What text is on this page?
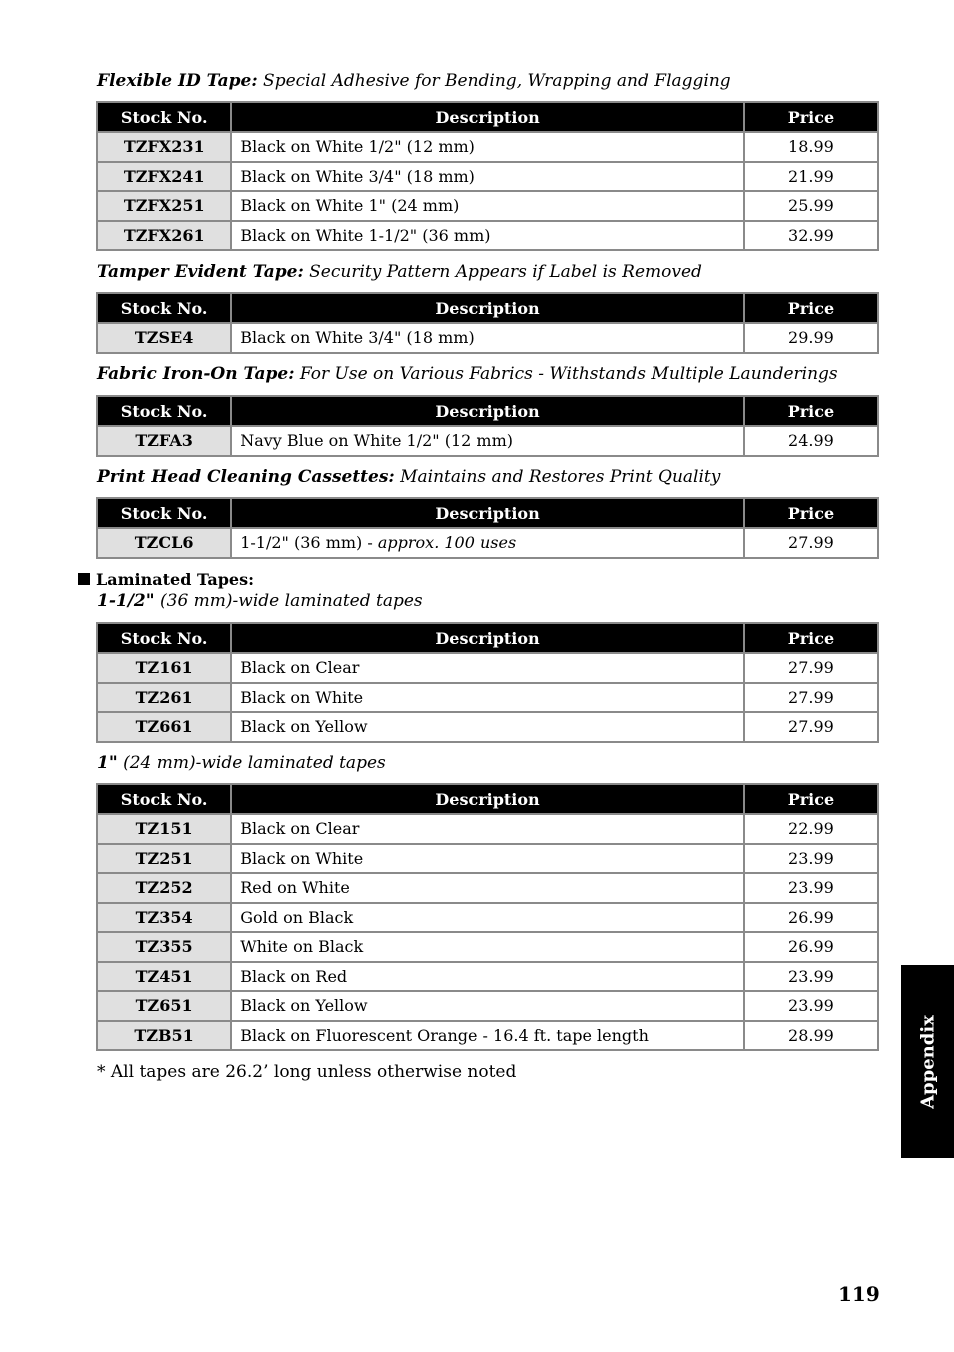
Flexible ID Tape: Special Adhesive for Bending, Wrapping and Flagging
Stock No.	Description	Price
TZFX231	Black on White 1/2" (12 mm)	18.99
TZFX241	Black on White 3/4" (18 mm)	21.99
TZFX251	Black on White 1" (24 mm)	25.99
TZFX261	Black on White 1-1/2" (36 mm)	32.99
Tamper Evident Tape: Security Pattern Appears if Label is Removed
Stock No.	Description	Price
TZSE4	Black on White 3/4" (18 mm)	29.99
Fabric Iron-On Tape: For Use on Various Fabrics - Withstands Multiple Launderings
Stock No.	Description	Price
TZFA3	Navy Blue on White 1/2" (12 mm)	24.99
Print Head Cleaning Cassettes: Maintains and Restores Print Quality
Stock No.	Description	Price
TZCL6	1-1/2" (36 mm) - approx. 100 uses	27.99
Laminated Tapes:
1-1/2" (36 mm)-wide laminated tapes
Stock No.	Description	Price
TZ161	Black on Clear	27.99
TZ261	Black on White	27.99
TZ661	Black on Yellow	27.99
1" (24 mm)-wide laminated tapes
Stock No.	Description	Price
TZ151	Black on Clear	22.99
TZ251	Black on White	23.99
TZ252	Red on White	23.99
TZ354	Gold on Black	26.99
TZ355	White on Black	26.99
TZ451	Black on Red	23.99
TZ651	Black on Yellow	23.99
TZB51	Black on Fluorescent Orange - 16.4 ft. tape length	28.99
* All tapes are 26.2’ long unless otherwise noted	Appendix
119
